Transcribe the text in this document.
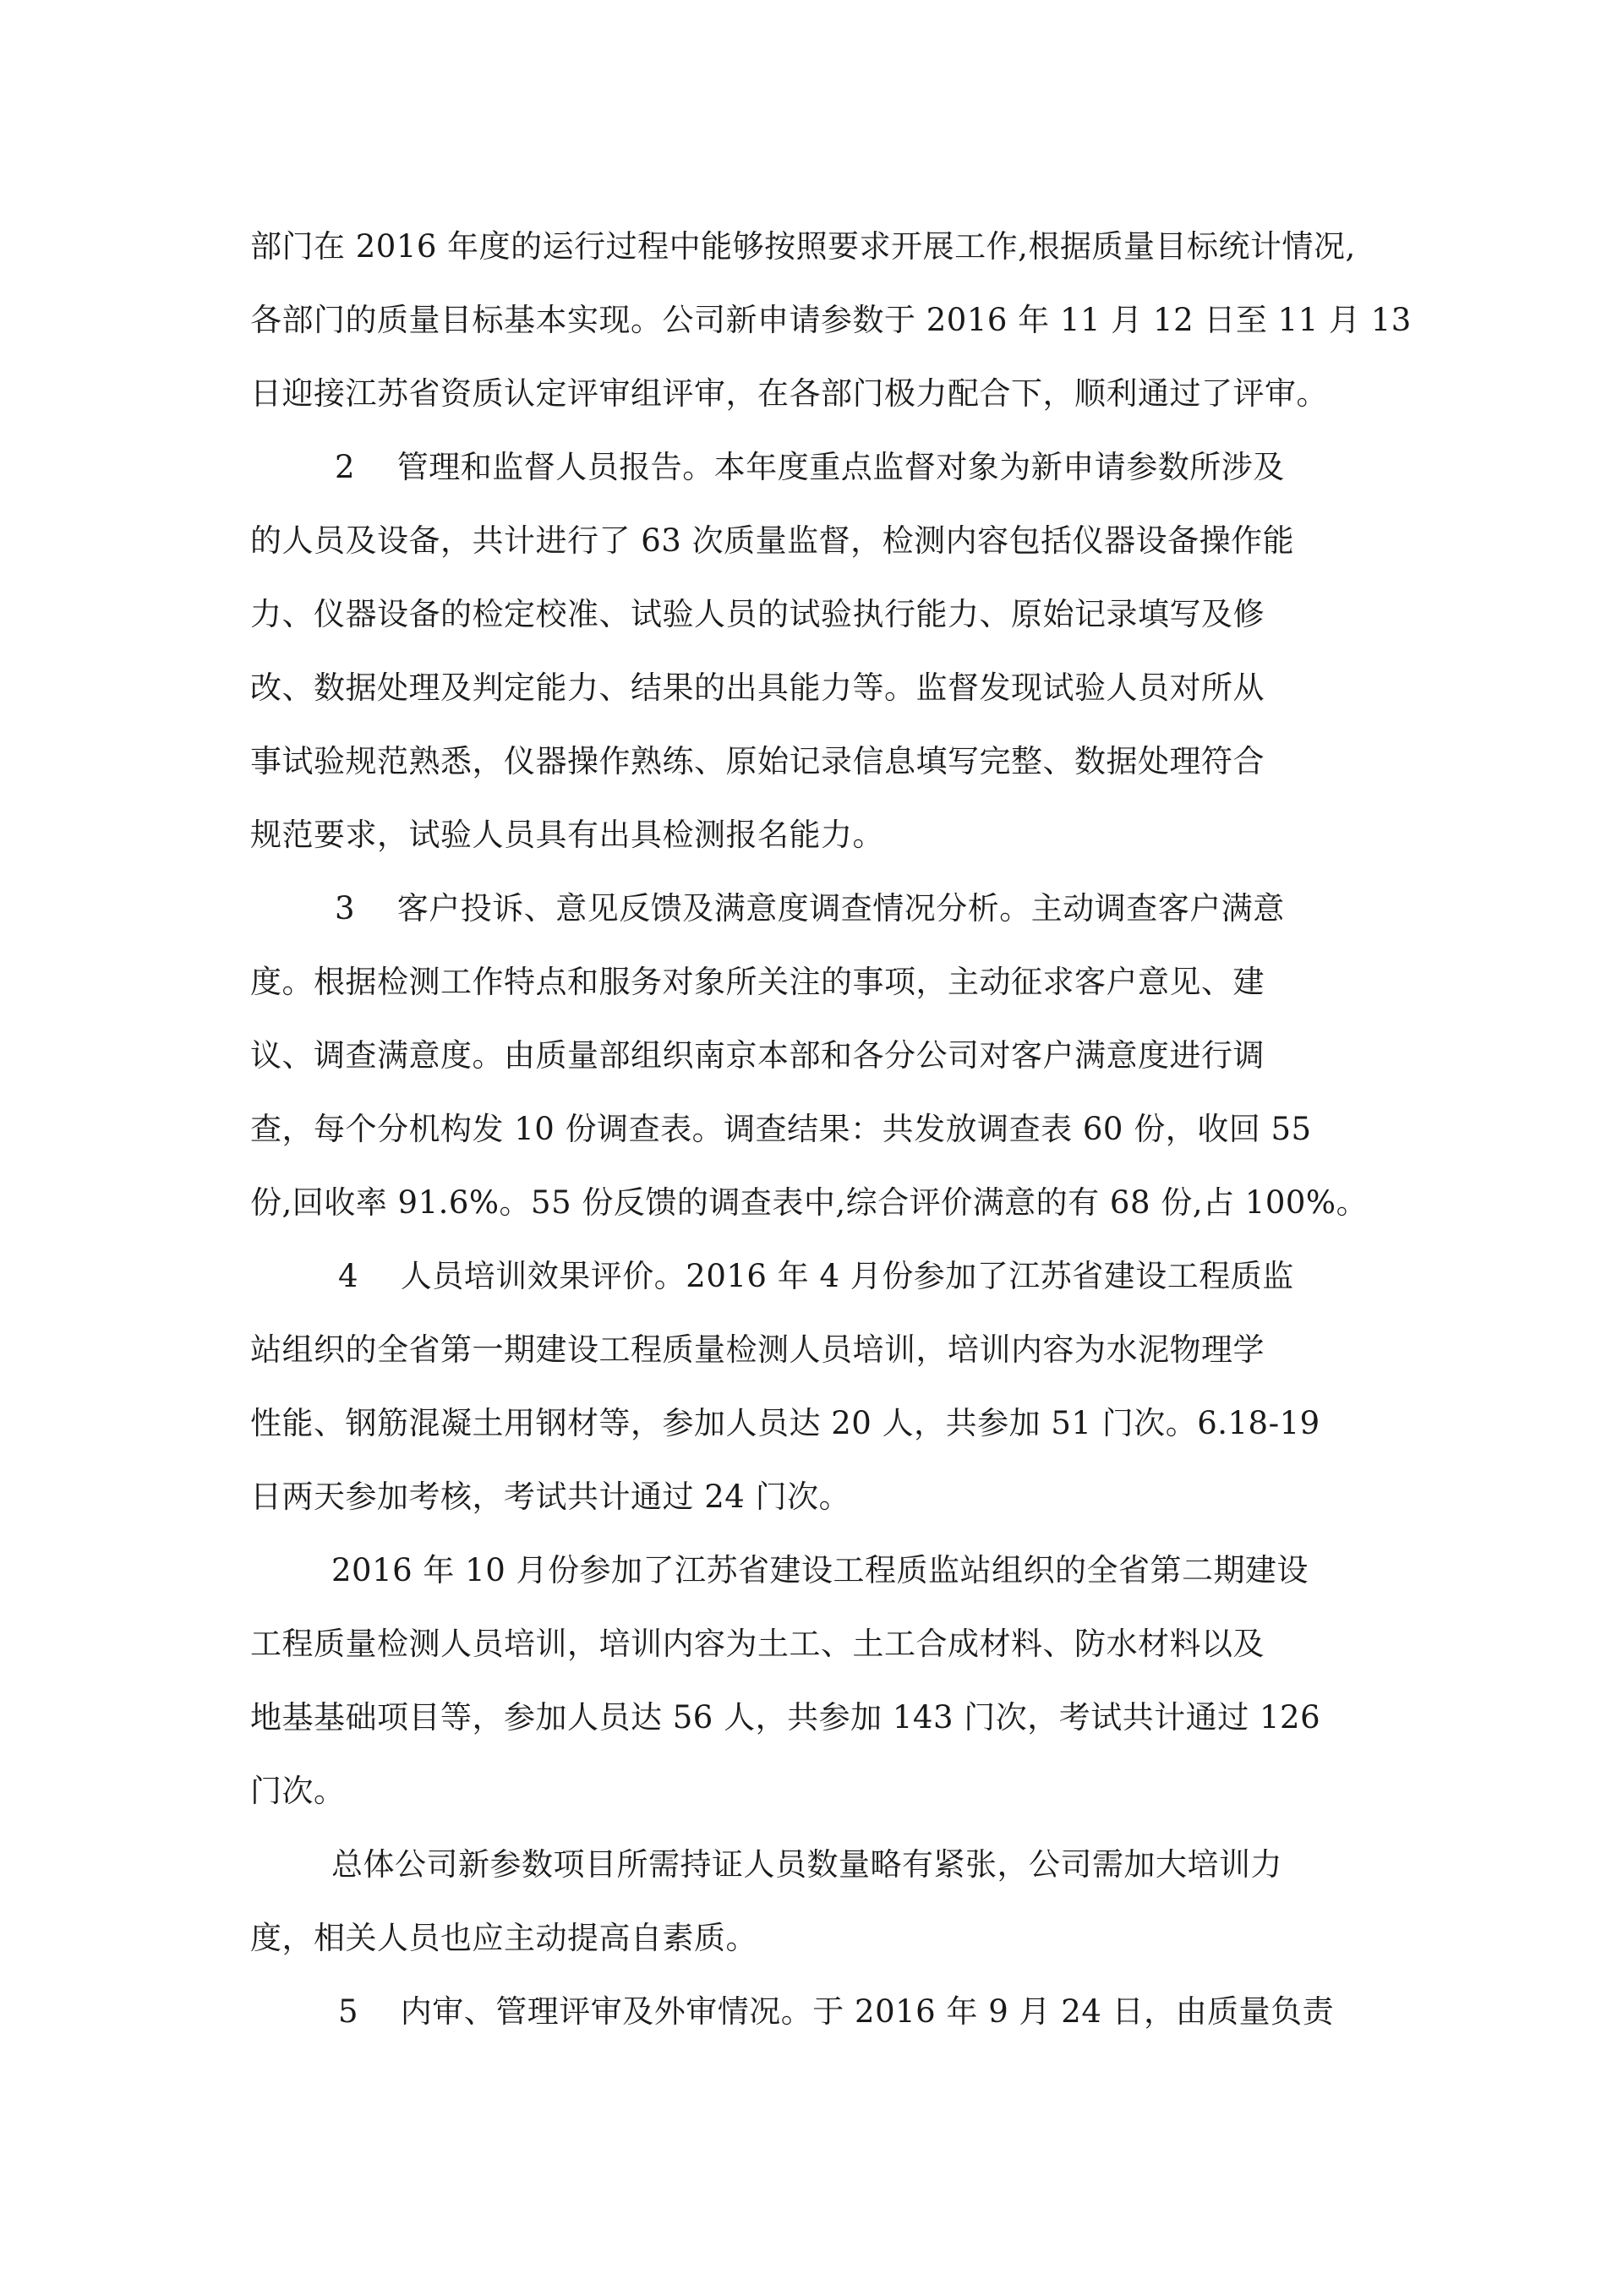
部门在 2016 年度的运行过程中能够按照要求开展工作,根据质量目标统计情况,
各部门的质量目标基本实现。公司新申请参数于 2016 年 11 月 12 日至 11 月 13
日迎接江苏省资质认定评审组评审，在各部门极力配合下，顺利通过了评审。
2　 管理和监督人员报告。本年度重点监督对象为新申请参数所涉及
的人员及设备，共计进行了 63 次质量监督，检测内容包括仪器设备操作能
力、仪器设备的检定校准、试验人员的试验执行能力、原始记录填写及修
改、数据处理及判定能力、结果的出具能力等。监督发现试验人员对所从
事试验规范熟悉，仪器操作熟练、原始记录信息填写完整、数据处理符合
规范要求，试验人员具有出具检测报名能力。
3　 客户投诉、意见反馈及满意度调查情况分析。主动调查客户满意
度。根据检测工作特点和服务对象所关注的事项，主动征求客户意见、建
议、调查满意度。由质量部组织南京本部和各分公司对客户满意度进行调
查，每个分机构发 10 份调查表。调查结果：共发放调查表 60 份，收回 55
份,回收率 91.6%。55 份反馈的调查表中,综合评价满意的有 68 份,占 100%。
4　 人员培训效果评价。2016 年 4 月份参加了江苏省建设工程质监
站组织的全省第一期建设工程质量检测人员培训，培训内容为水泥物理学
性能、钢筋混凝土用钢材等，参加人员达 20 人，共参加 51 门次。6.18-19
日两天参加考核，考试共计通过 24 门次。
2016 年 10 月份参加了江苏省建设工程质监站组织的全省第二期建设
工程质量检测人员培训，培训内容为土工、土工合成材料、防水材料以及
地基基础项目等，参加人员达 56 人，共参加 143 门次，考试共计通过 126
门次。
总体公司新参数项目所需持证人员数量略有紧张，公司需加大培训力
度，相关人员也应主动提高自素质。
5　 内审、管理评审及外审情况。于 2016 年 9 月 24 日，由质量负责
